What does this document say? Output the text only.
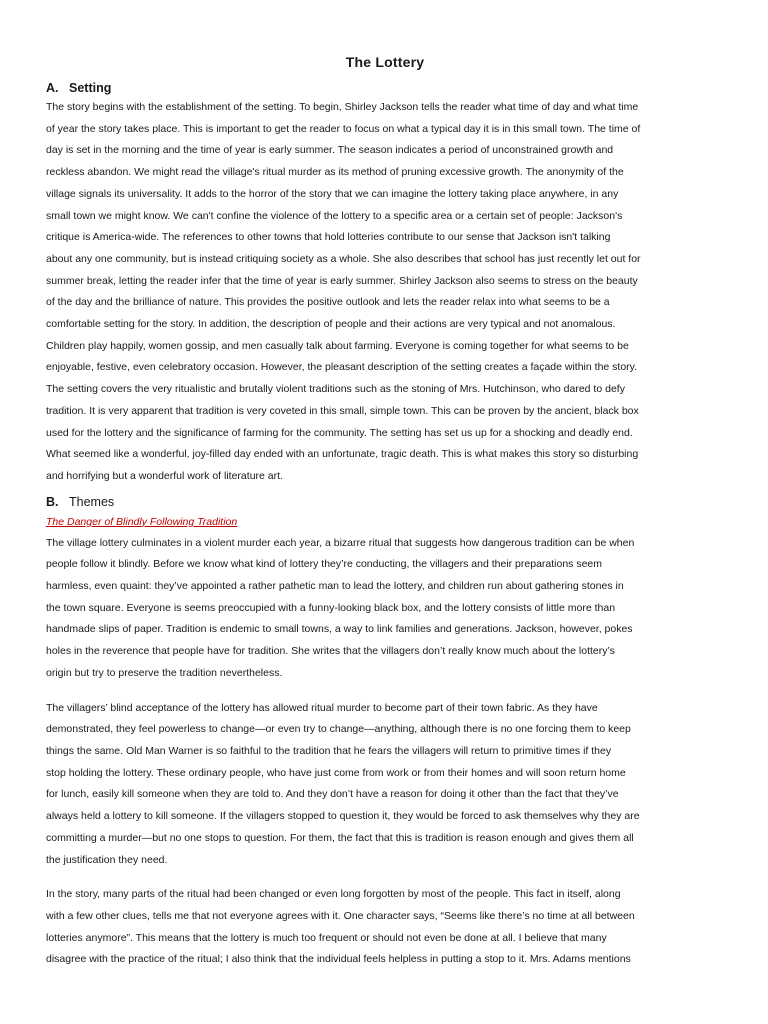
The Lottery
A. Setting

The story begins with the establishment of the setting. To begin, Shirley Jackson tells the reader what time of day and what time
of year the story takes place. This is important to get the reader to focus on what a typical day it is in this small town. The time of
day is set in the morning and the time of year is early summer. The season indicates a period of unconstrained growth and
reckless abandon. We might read the village's ritual murder as its method of pruning excessive growth. The anonymity of the
village signals its universality. It adds to the horror of the story that we can imagine the lottery taking place anywhere, in any
small town we might know. We can't confine the violence of the lottery to a specific area or a certain set of people: Jackson's
critique is America-wide. The references to other towns that hold lotteries contribute to our sense that Jackson isn't talking
about any one community, but is instead critiquing society as a whole. She also describes that school has just recently let out for
summer break, letting the reader infer that the time of year is early summer. Shirley Jackson also seems to stress on the beauty
of the day and the brilliance of nature. This provides the positive outlook and lets the reader relax into what seems to be a
comfortable setting for the story. In addition, the description of people and their actions are very typical and not anomalous.
Children play happily, women gossip, and men casually talk about farming. Everyone is coming together for what seems to be
enjoyable, festive, even celebratory occasion. However, the pleasant description of the setting creates a façade within the story.
The setting covers the very ritualistic and brutally violent traditions such as the stoning of Mrs. Hutchinson, who dared to defy
tradition. It is very apparent that tradition is very coveted in this small, simple town. This can be proven by the ancient, black box
used for the lottery and the significance of farming for the community. The setting has set us up for a shocking and deadly end.
What seemed like a wonderful, joy-filled day ended with an unfortunate, tragic death. This is what makes this story so disturbing
and horrifying but a wonderful work of literature art.

B. Themes
The Danger of Blindly Following Tradition

The village lottery culminates in a violent murder each year, a bizarre ritual that suggests how dangerous tradition can be when
people follow it blindly. Before we know what kind of lottery they’re conducting, the villagers and their preparations seem
harmless, even quaint: they’ve appointed a rather pathetic man to lead the lottery, and children run about gathering stones in
the town square. Everyone is seems preoccupied with a funny-looking black box, and the lottery consists of little more than
handmade slips of paper. Tradition is endemic to small towns, a way to link families and generations. Jackson, however, pokes
holes in the reverence that people have for tradition. She writes that the villagers don’t really know much about the lottery’s
origin but try to preserve the tradition nevertheless.

The villagers’ blind acceptance of the lottery has allowed ritual murder to become part of their town fabric. As they have
demonstrated, they feel powerless to change—or even try to change—anything, although there is no one forcing them to keep
things the same. Old Man Warner is so faithful to the tradition that he fears the villagers will return to primitive times if they
stop holding the lottery. These ordinary people, who have just come from work or from their homes and will soon return home
for lunch, easily kill someone when they are told to. And they don’t have a reason for doing it other than the fact that they’ve
always held a lottery to kill someone. If the villagers stopped to question it, they would be forced to ask themselves why they are
committing a murder—but no one stops to question. For them, the fact that this is tradition is reason enough and gives them all
the justification they need.

In the story, many parts of the ritual had been changed or even long forgotten by most of the people. This fact in itself, along
with a few other clues, tells me that not everyone agrees with it. One character says, “Seems like there’s no time at all between
lotteries anymore”. This means that the lottery is much too frequent or should not even be done at all. I believe that many
disagree with the practice of the ritual; I also think that the individual feels helpless in putting a stop to it. Mrs. Adams mentions
